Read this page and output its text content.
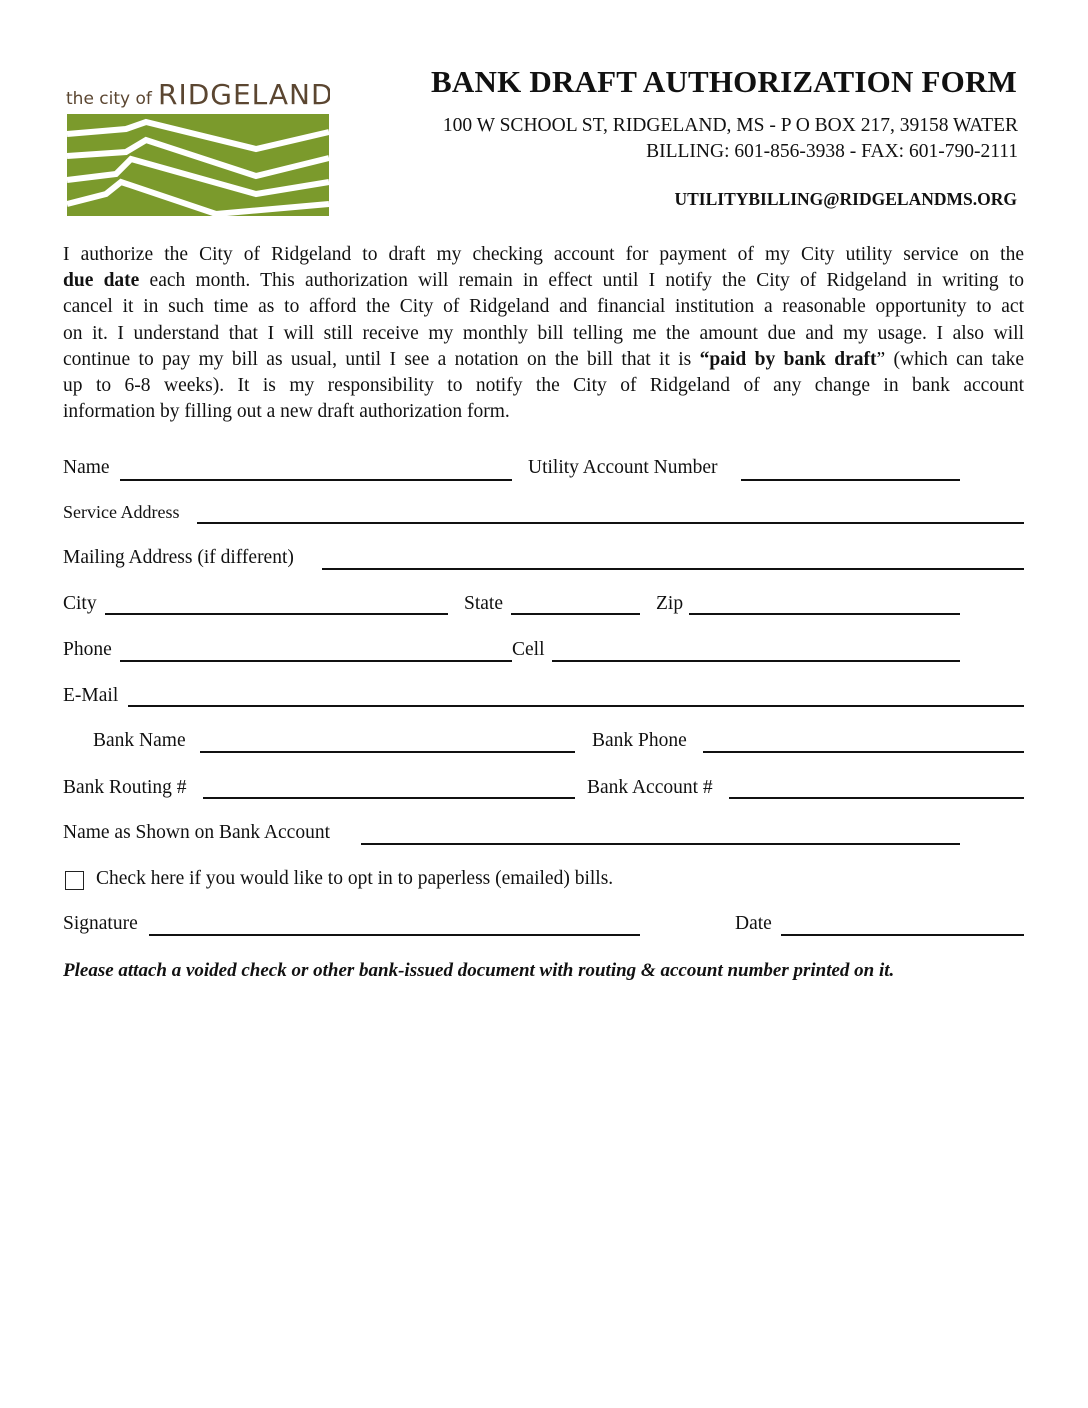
the city of RIDGELAND	BANK DRAFT AUTHORIZATION FORM
100 W SCHOOL ST, RIDGELAND, MS - P O BOX 217, 39158 WATER
BILLING: 601-856-3938 - FAX: 601-790-2111
UTILITYBILLING@RIDGELANDMS.ORG
I authorize the City of Ridgeland to draft my checking account for payment of my City utility service on the
due date each month. This authorization will remain in effect until I notify the City of Ridgeland in writing to
cancel it in such time as to afford the City of Ridgeland and financial institution a reasonable opportunity to act
on it. I understand that I will still receive my monthly bill telling me the amount due and my usage. I also will
continue to pay my bill as usual, until I see a notation on the bill that it is “paid by bank draft” (which can take
up to 6-8 weeks). It is my responsibility to notify the City of Ridgeland of any change in bank account
information by filling out a new draft authorization form.
Name	Utility Account Number
Service Address
Mailing Address (if different)
City	State	Zip
Phone	Cell
E-Mail
Bank Name	Bank Phone
Bank Routing #	Bank Account #
Name as Shown on Bank Account
Check here if you would like to opt in to paperless (emailed) bills.
Signature	Date
Please attach a voided check or other bank-issued document with routing & account number printed on it.
